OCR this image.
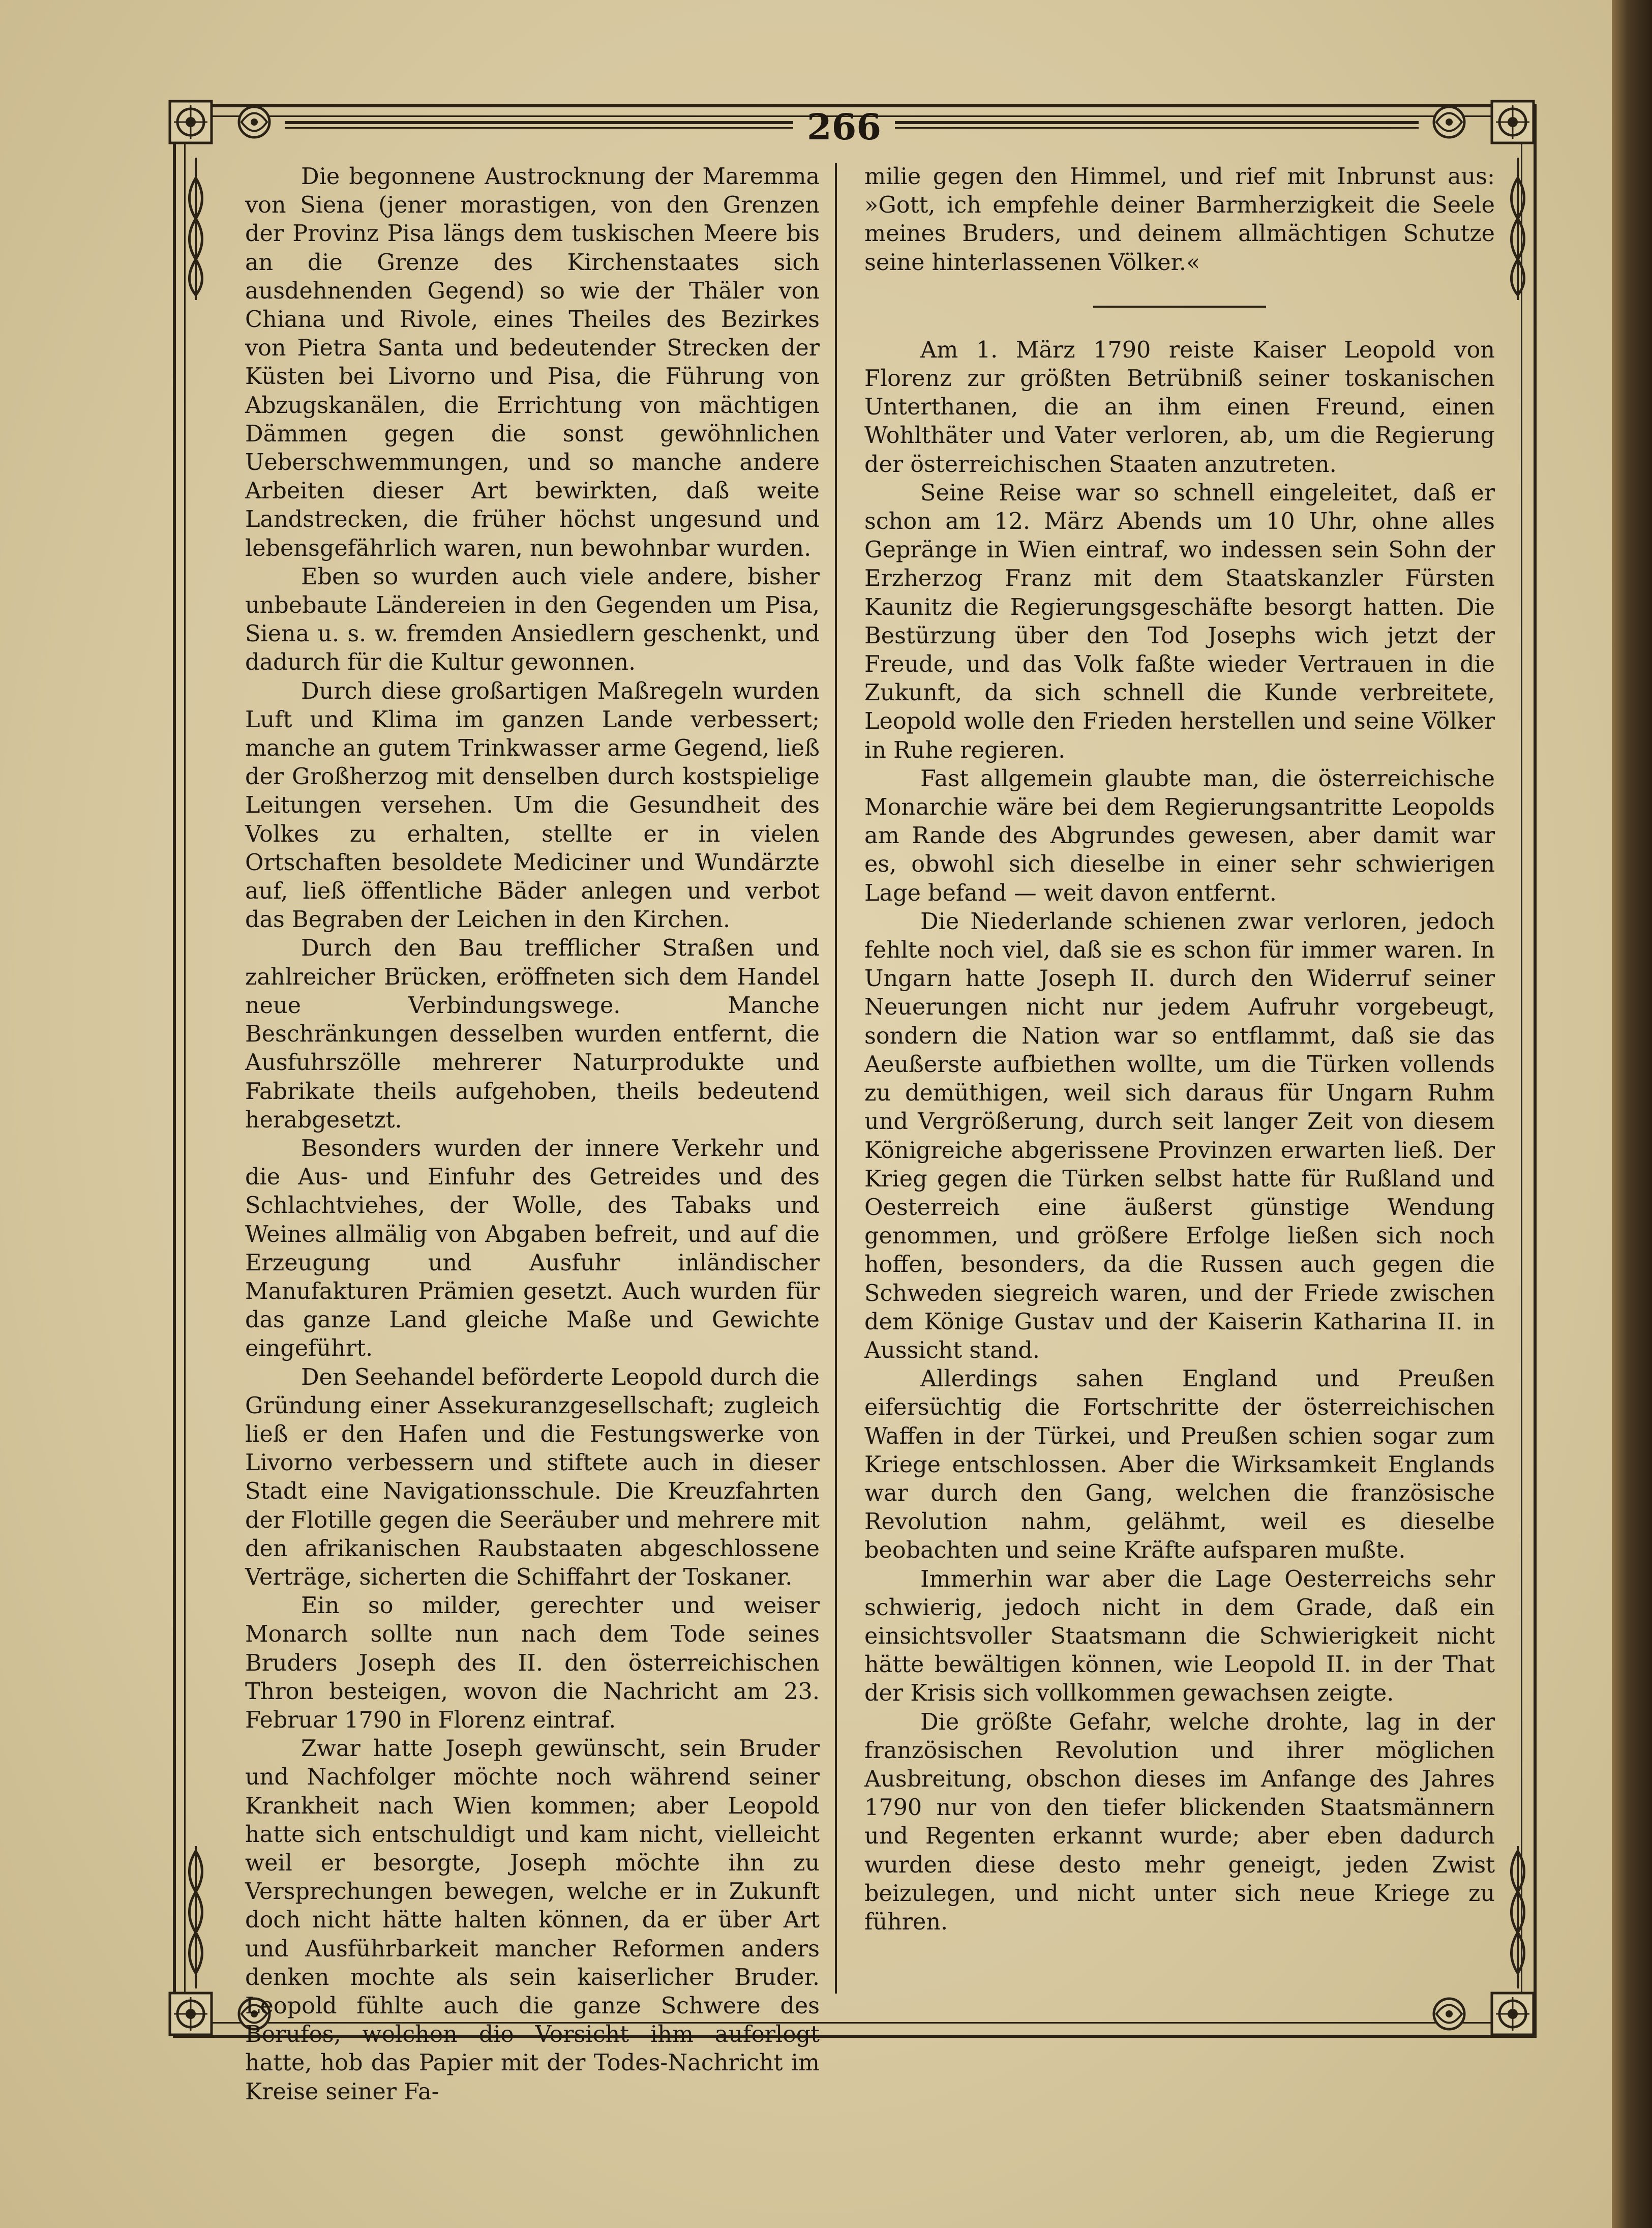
266

Die begonnene Austrocknung der Maremma von Siena (jener morastigen, von den Grenzen der Provinz Pisa längs dem tuskischen Meere bis an die Grenze des Kirchenstaates sich ausdehnenden Gegend) so wie der Thäler von Chiana und Rivole, eines Theiles des Bezirkes von Pietra Santa und bedeutender Strecken der Küsten bei Livorno und Pisa, die Führung von Abzugskanälen, die Errichtung von mächtigen Dämmen gegen die sonst gewöhnlichen Ueberschwemmungen, und so manche andere Arbeiten dieser Art bewirkten, daß weite Landstrecken, die früher höchst ungesund und lebensgefährlich waren, nun bewohnbar wurden.

Eben so wurden auch viele andere, bisher unbebaute Ländereien in den Gegenden um Pisa, Siena u. s. w. fremden Ansiedlern geschenkt, und dadurch für die Kultur gewonnen.

Durch diese großartigen Maßregeln wurden Luft und Klima im ganzen Lande verbessert; manche an gutem Trinkwasser arme Gegend, ließ der Großherzog mit denselben durch kostspielige Leitungen versehen. Um die Gesundheit des Volkes zu erhalten, stellte er in vielen Ortschaften besoldete Mediciner und Wundärzte auf, ließ öffentliche Bäder anlegen und verbot das Begraben der Leichen in den Kirchen.

Durch den Bau trefflicher Straßen und zahlreicher Brücken, eröffneten sich dem Handel neue Verbindungswege. Manche Beschränkungen desselben wurden entfernt, die Ausfuhrszölle mehrerer Naturprodukte und Fabrikate theils aufgehoben, theils bedeutend herabgesetzt.

Besonders wurden der innere Verkehr und die Aus- und Einfuhr des Getreides und des Schlachtviehes, der Wolle, des Tabaks und Weines allmälig von Abgaben befreit, und auf die Erzeugung und Ausfuhr inländischer Manufakturen Prämien gesetzt. Auch wurden für das ganze Land gleiche Maße und Gewichte eingeführt.

Den Seehandel beförderte Leopold durch die Gründung einer Assekuranzgesellschaft; zugleich ließ er den Hafen und die Festungswerke von Livorno verbessern und stiftete auch in dieser Stadt eine Navigationsschule. Die Kreuzfahrten der Flotille gegen die Seeräuber und mehrere mit den afrikanischen Raubstaaten abgeschlossene Verträge, sicherten die Schiffahrt der Toskaner.

Ein so milder, gerechter und weiser Monarch sollte nun nach dem Tode seines Bruders Joseph des II. den österreichischen Thron besteigen, wovon die Nachricht am 23. Februar 1790 in Florenz eintraf.

Zwar hatte Joseph gewünscht, sein Bruder und Nachfolger möchte noch während seiner Krankheit nach Wien kommen; aber Leopold hatte sich entschuldigt und kam nicht, vielleicht weil er besorgte, Joseph möchte ihn zu Versprechungen bewegen, welche er in Zukunft doch nicht hätte halten können, da er über Art und Ausführbarkeit mancher Reformen anders denken mochte als sein kaiserlicher Bruder. Leopold fühlte auch die ganze Schwere des Berufes, welchen die Vorsicht ihm auferlegt hatte, hob das Papier mit der Todes-Nachricht im Kreise seiner Fa-

milie gegen den Himmel, und rief mit Inbrunst aus: »Gott, ich empfehle deiner Barmherzigkeit die Seele meines Bruders, und deinem allmächtigen Schutze seine hinterlassenen Völker.«

Am 1. März 1790 reiste Kaiser Leopold von Florenz zur größten Betrübniß seiner toskanischen Unterthanen, die an ihm einen Freund, einen Wohlthäter und Vater verloren, ab, um die Regierung der österreichischen Staaten anzutreten.

Seine Reise war so schnell eingeleitet, daß er schon am 12. März Abends um 10 Uhr, ohne alles Gepränge in Wien eintraf, wo indessen sein Sohn der Erzherzog Franz mit dem Staatskanzler Fürsten Kaunitz die Regierungsgeschäfte besorgt hatten. Die Bestürzung über den Tod Josephs wich jetzt der Freude, und das Volk faßte wieder Vertrauen in die Zukunft, da sich schnell die Kunde verbreitete, Leopold wolle den Frieden herstellen und seine Völker in Ruhe regieren.

Fast allgemein glaubte man, die österreichische Monarchie wäre bei dem Regierungsantritte Leopolds am Rande des Abgrundes gewesen, aber damit war es, obwohl sich dieselbe in einer sehr schwierigen Lage befand — weit davon entfernt.

Die Niederlande schienen zwar verloren, jedoch fehlte noch viel, daß sie es schon für immer waren. In Ungarn hatte Joseph II. durch den Widerruf seiner Neuerungen nicht nur jedem Aufruhr vorgebeugt, sondern die Nation war so entflammt, daß sie das Aeußerste aufbiethen wollte, um die Türken vollends zu demüthigen, weil sich daraus für Ungarn Ruhm und Vergrößerung, durch seit langer Zeit von diesem Königreiche abgerissene Provinzen erwarten ließ. Der Krieg gegen die Türken selbst hatte für Rußland und Oesterreich eine äußerst günstige Wendung genommen, und größere Erfolge ließen sich noch hoffen, besonders, da die Russen auch gegen die Schweden siegreich waren, und der Friede zwischen dem Könige Gustav und der Kaiserin Katharina II. in Aussicht stand.

Allerdings sahen England und Preußen eifersüchtig die Fortschritte der österreichischen Waffen in der Türkei, und Preußen schien sogar zum Kriege entschlossen. Aber die Wirksamkeit Englands war durch den Gang, welchen die französische Revolution nahm, gelähmt, weil es dieselbe beobachten und seine Kräfte aufsparen mußte.

Immerhin war aber die Lage Oesterreichs sehr schwierig, jedoch nicht in dem Grade, daß ein einsichtsvoller Staatsmann die Schwierigkeit nicht hätte bewältigen können, wie Leopold II. in der That der Krisis sich vollkommen gewachsen zeigte.

Die größte Gefahr, welche drohte, lag in der französischen Revolution und ihrer möglichen Ausbreitung, obschon dieses im Anfange des Jahres 1790 nur von den tiefer blickenden Staatsmännern und Regenten erkannt wurde; aber eben dadurch wurden diese desto mehr geneigt, jeden Zwist beizulegen, und nicht unter sich neue Kriege zu führen.
